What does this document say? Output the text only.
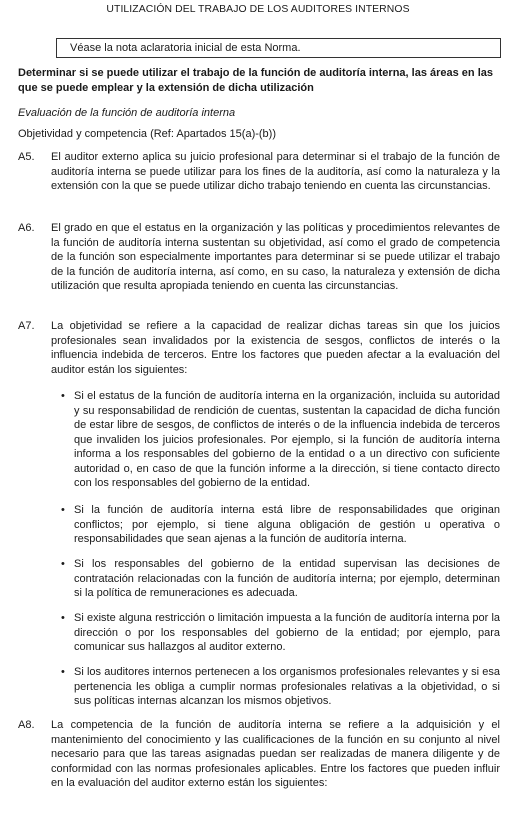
UTILIZACIÓN DEL TRABAJO DE LOS AUDITORES INTERNOS
Véase la nota aclaratoria inicial de esta Norma.
Determinar si se puede utilizar el trabajo de la función de auditoría interna, las áreas en las que se puede emplear y la extensión de dicha utilización
Evaluación de la función de auditoría interna
Objetividad y competencia (Ref: Apartados 15(a)-(b))
A5.	El auditor externo aplica su juicio profesional para determinar si el trabajo de la función de auditoría interna se puede utilizar para los fines de la auditoría, así como la naturaleza y la extensión con la que se puede utilizar dicho trabajo teniendo en cuenta las circunstancias.
A6.	El grado en que el estatus en la organización y las políticas y procedimientos relevantes de la función de auditoría interna sustentan su objetividad, así como el grado de competencia de la función son especialmente importantes para determinar si se puede utilizar el trabajo de la función de auditoría interna, así como, en su caso, la naturaleza y extensión de dicha utilización que resulta apropiada teniendo en cuenta las circunstancias.
A7.	La objetividad se refiere a la capacidad de realizar dichas tareas sin que los juicios profesionales sean invalidados por la existencia de sesgos, conflictos de interés o la influencia indebida de terceros. Entre los factores que pueden afectar a la evaluación del auditor están los siguientes:
• Si el estatus de la función de auditoría interna en la organización, incluida su autoridad y su responsabilidad de rendición de cuentas, sustentan la capacidad de dicha función de estar libre de sesgos, de conflictos de interés o de la influencia indebida de terceros que invaliden los juicios profesionales. Por ejemplo, si la función de auditoría interna informa a los responsables del gobierno de la entidad o a un directivo con suficiente autoridad o, en caso de que la función informe a la dirección, si tiene contacto directo con los responsables del gobierno de la entidad.
• Si la función de auditoría interna está libre de responsabilidades que originan conflictos; por ejemplo, si tiene alguna obligación de gestión u operativa o responsabilidades que sean ajenas a la función de auditoría interna.
• Si los responsables del gobierno de la entidad supervisan las decisiones de contratación relacionadas con la función de auditoría interna; por ejemplo, determinan si la política de remuneraciones es adecuada.
• Si existe alguna restricción o limitación impuesta a la función de auditoría interna por la dirección o por los responsables del gobierno de la entidad; por ejemplo, para comunicar sus hallazgos al auditor externo.
• Si los auditores internos pertenecen a los organismos profesionales relevantes y si esa pertenencia les obliga a cumplir normas profesionales relativas a la objetividad, o si sus políticas internas alcanzan los mismos objetivos.
A8.	La competencia de la función de auditoría interna se refiere a la adquisición y el mantenimiento del conocimiento y las cualificaciones de la función en su conjunto al nivel necesario para que las tareas asignadas puedan ser realizadas de manera diligente y de conformidad con las normas profesionales aplicables. Entre los factores que pueden influir en la evaluación del auditor externo están los siguientes:
